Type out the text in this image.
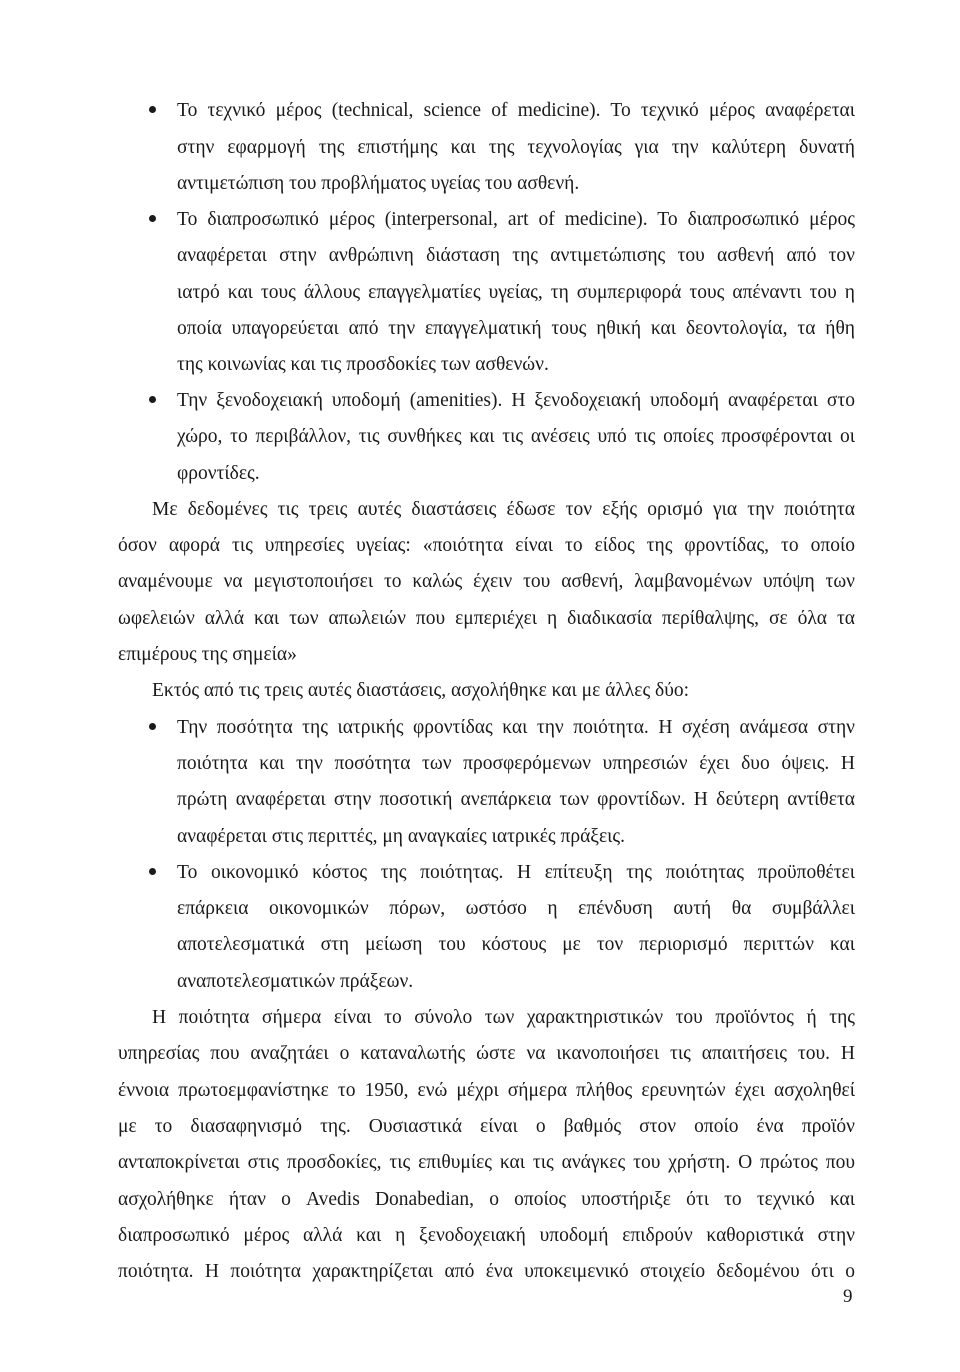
Το τεχνικό μέρος (technical, science of medicine). Το τεχνικό μέρος αναφέρεται
στην εφαρμογή της επιστήμης και της τεχνολογίας για την καλύτερη δυνατή
αντιμετώπιση του προβλήματος υγείας του ασθενή.
Το διαπροσωπικό μέρος (interpersonal, art of medicine). Το διαπροσωπικό μέρος
αναφέρεται στην ανθρώπινη διάσταση της αντιμετώπισης του ασθενή από τον
ιατρό και τους άλλους επαγγελματίες υγείας, τη συμπεριφορά τους απέναντι του η
οποία υπαγορεύεται από την επαγγελματική τους ηθική και δεοντολογία, τα ήθη
της κοινωνίας και τις προσδοκίες των ασθενών.
Την ξενοδοχειακή υποδομή (amenities). Η ξενοδοχειακή υποδομή αναφέρεται στο
χώρο, το περιβάλλον, τις συνθήκες και τις ανέσεις υπό τις οποίες προσφέρονται οι
φροντίδες.
Με δεδομένες τις τρεις αυτές διαστάσεις έδωσε τον εξής ορισμό για την ποιότητα
όσον αφορά τις υπηρεσίες υγείας: «ποιότητα είναι το είδος της φροντίδας, το οποίο
αναμένουμε να μεγιστοποιήσει το καλώς έχειν του ασθενή, λαμβανομένων υπόψη των
ωφελειών αλλά και των απωλειών που εμπεριέχει η διαδικασία περίθαλψης, σε όλα τα
επιμέρους της σημεία»
Εκτός από τις τρεις αυτές διαστάσεις, ασχολήθηκε και με άλλες δύο:
Την ποσότητα της ιατρικής φροντίδας και την ποιότητα. Η σχέση ανάμεσα στην
ποιότητα και την ποσότητα των προσφερόμενων υπηρεσιών έχει δυο όψεις. Η
πρώτη αναφέρεται στην ποσοτική ανεπάρκεια των φροντίδων. Η δεύτερη αντίθετα
αναφέρεται στις περιττές, μη αναγκαίες ιατρικές πράξεις.
Το οικονομικό κόστος της ποιότητας. Η επίτευξη της ποιότητας προϋποθέτει
επάρκεια οικονομικών πόρων, ωστόσο η επένδυση αυτή θα συμβάλλει
αποτελεσματικά στη μείωση του κόστους με τον περιορισμό περιττών και
αναποτελεσματικών πράξεων.
Η ποιότητα σήμερα είναι το σύνολο των χαρακτηριστικών του προϊόντος ή της
υπηρεσίας που αναζητάει ο καταναλωτής ώστε να ικανοποιήσει τις απαιτήσεις του. Η
έννοια πρωτοεμφανίστηκε το 1950, ενώ μέχρι σήμερα πλήθος ερευνητών έχει ασχοληθεί
με το διασαφηνισμό της. Ουσιαστικά είναι ο βαθμός στον οποίο ένα προϊόν
ανταποκρίνεται στις προσδοκίες, τις επιθυμίες και τις ανάγκες του χρήστη. Ο πρώτος που
ασχολήθηκε ήταν ο Avedis Donabedian, ο οποίος υποστήριξε ότι το τεχνικό και
διαπροσωπικό μέρος αλλά και η ξενοδοχειακή υποδομή επιδρούν καθοριστικά στην
ποιότητα. Η ποιότητα χαρακτηρίζεται από ένα υποκειμενικό στοιχείο δεδομένου ότι ο
9
